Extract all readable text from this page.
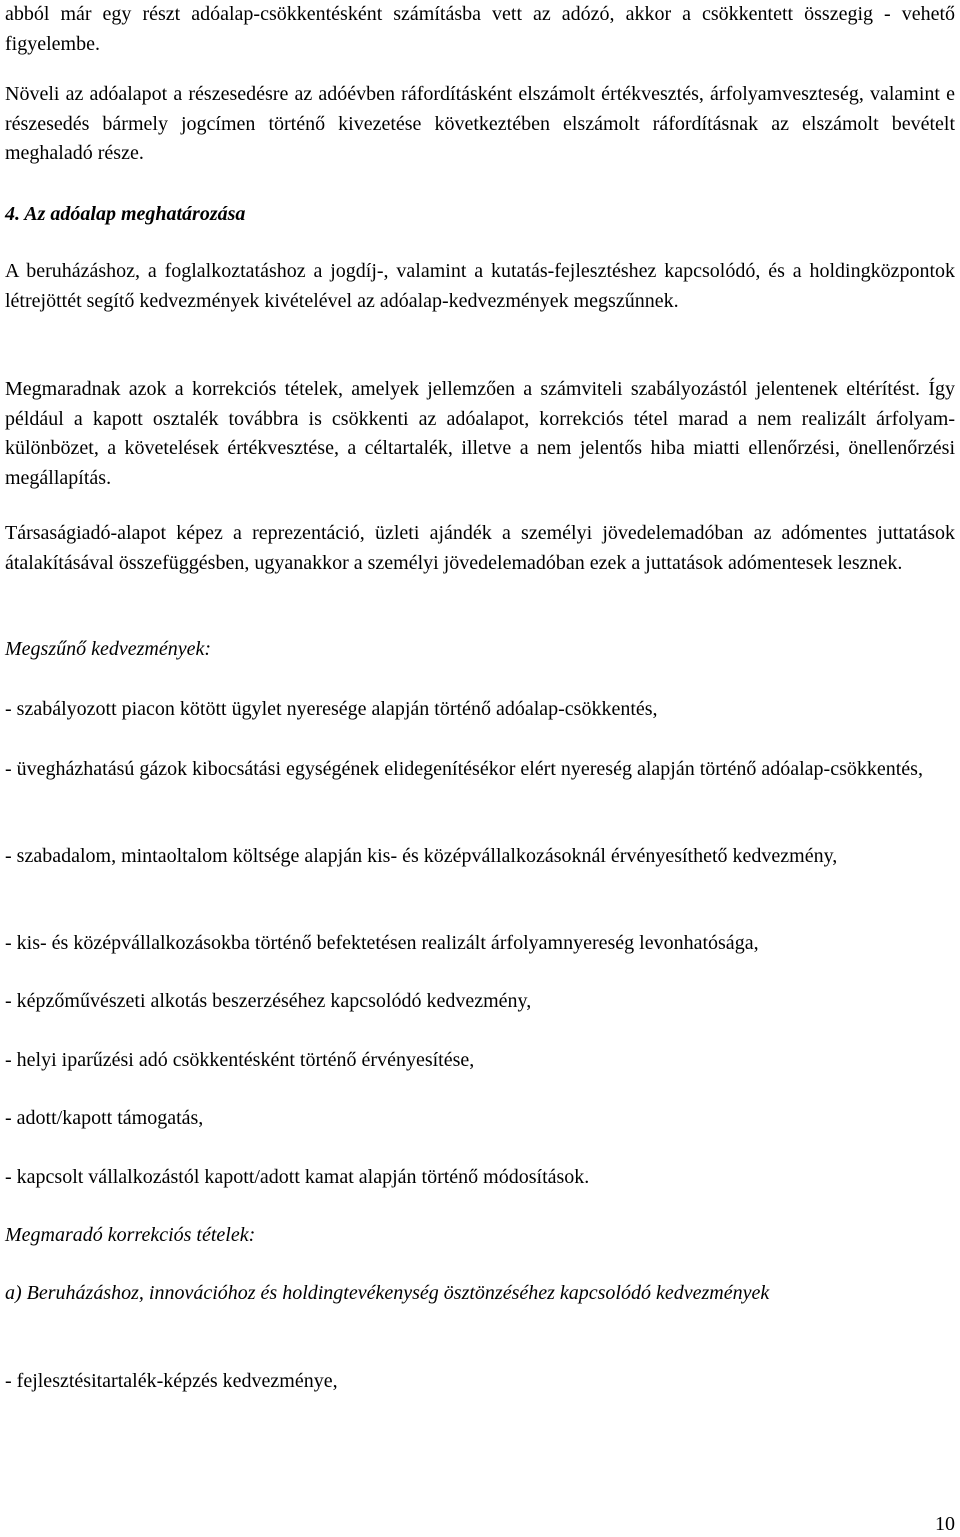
abból már egy részt adóalap-csökkentésként számításba vett az adózó, akkor a csökkentett összegig - vehető figyelembe.

Növeli az adóalapot a részesedésre az adóévben ráfordításként elszámolt értékvesztés, árfolyamveszteség, valamint e részesedés bármely jogcímen történő kivezetése következtében elszámolt ráfordításnak az elszámolt bevételt meghaladó része.

4. Az adóalap meghatározása

A beruházáshoz, a foglalkoztatáshoz a jogdíj-, valamint a kutatás-fejlesztéshez kapcsolódó, és a holdingközpontok létrejöttét segítő kedvezmények kivételével az adóalap-kedvezmények megszűnnek.

Megmaradnak azok a korrekciós tételek, amelyek jellemzően a számviteli szabályozástól jelentenek eltérítést. Így például a kapott osztalék továbbra is csökkenti az adóalapot, korrekciós tétel marad a nem realizált árfolyam-különbözet, a követelések értékvesztése, a céltartalék, illetve a nem jelentős hiba miatti ellenőrzési, önellenőrzési megállapítás.

Társaságiadó-alapot képez a reprezentáció, üzleti ajándék a személyi jövedelemadóban az adómentes juttatások átalakításával összefüggésben, ugyanakkor a személyi jövedelemadóban ezek a juttatások adómentesek lesznek.

Megszűnő kedvezmények:

- szabályozott piacon kötött ügylet nyeresége alapján történő adóalap-csökkentés,

- üvegházhatású gázok kibocsátási egységének elidegenítésékor elért nyereség alapján történő adóalap-csökkentés,

- szabadalom, mintaoltalom költsége alapján kis- és középvállalkozásoknál érvényesíthető kedvezmény,

- kis- és középvállalkozásokba történő befektetésen realizált árfolyamnyereség levonhatósága,

- képzőművészeti alkotás beszerzéséhez kapcsolódó kedvezmény,

- helyi iparűzési adó csökkentésként történő érvényesítése,

- adott/kapott támogatás,

- kapcsolt vállalkozástól kapott/adott kamat alapján történő módosítások.

Megmaradó korrekciós tételek:

a) Beruházáshoz, innovációhoz és holdingtevékenység ösztönzéséhez kapcsolódó kedvezmények

- fejlesztésitartalék-képzés kedvezménye,

10
